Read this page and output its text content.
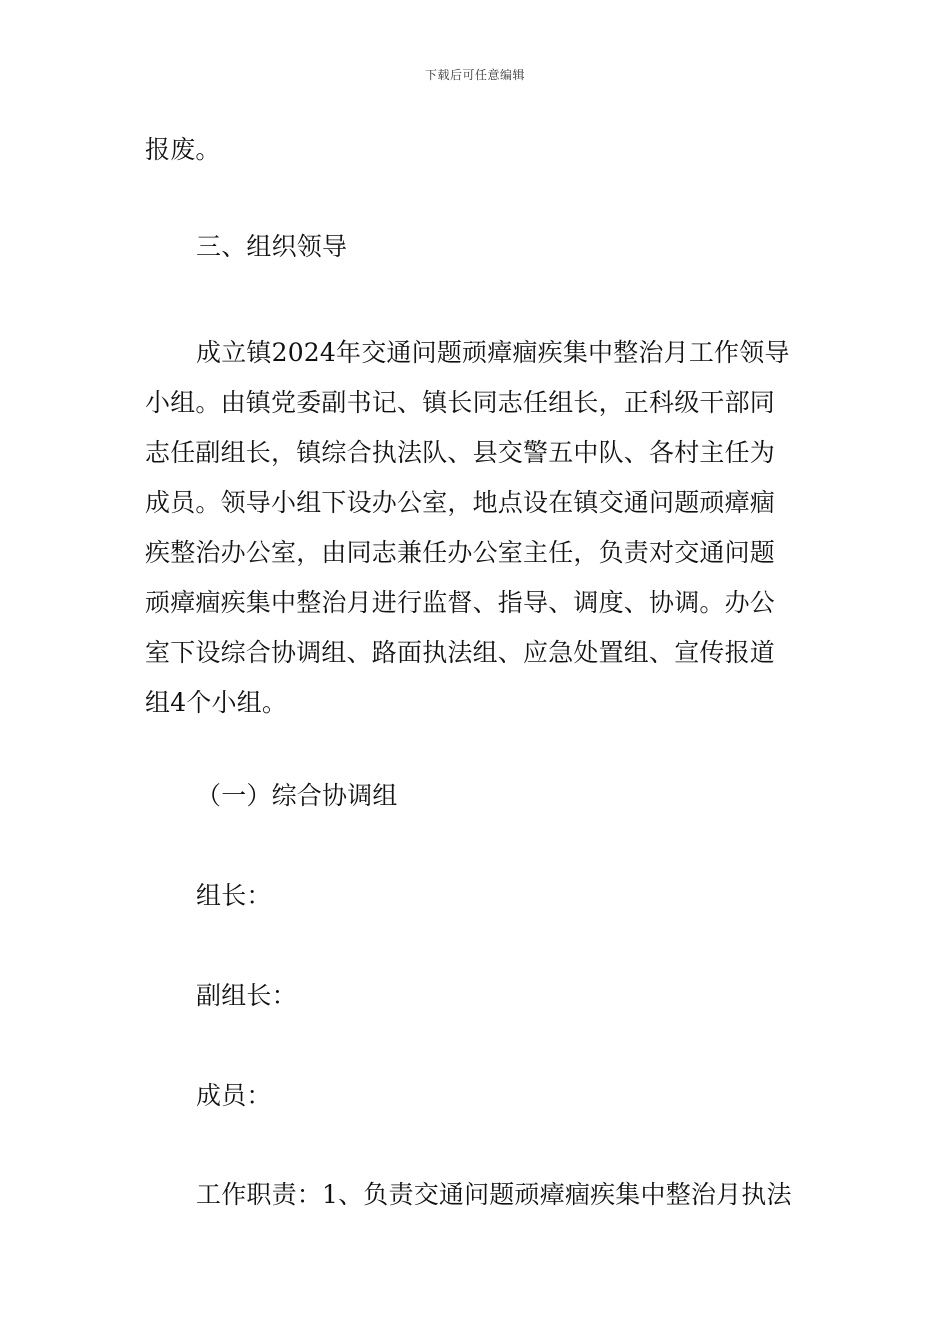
下载后可任意编辑
报废。
三、组织领导
成立镇2024年交通问题顽瘴痼疾集中整治月工作领导
小组。由镇党委副书记、镇长同志任组长，正科级干部同
志任副组长，镇综合执法队、县交警五中队、各村主任为
成员。领导小组下设办公室，地点设在镇交通问题顽瘴痼
疾整治办公室，由同志兼任办公室主任，负责对交通问题
顽瘴痼疾集中整治月进行监督、指导、调度、协调。办公
室下设综合协调组、路面执法组、应急处置组、宣传报道
组4个小组。
（一）综合协调组
组长：
副组长：
成员：
工作职责：1、负责交通问题顽瘴痼疾集中整治月执法
